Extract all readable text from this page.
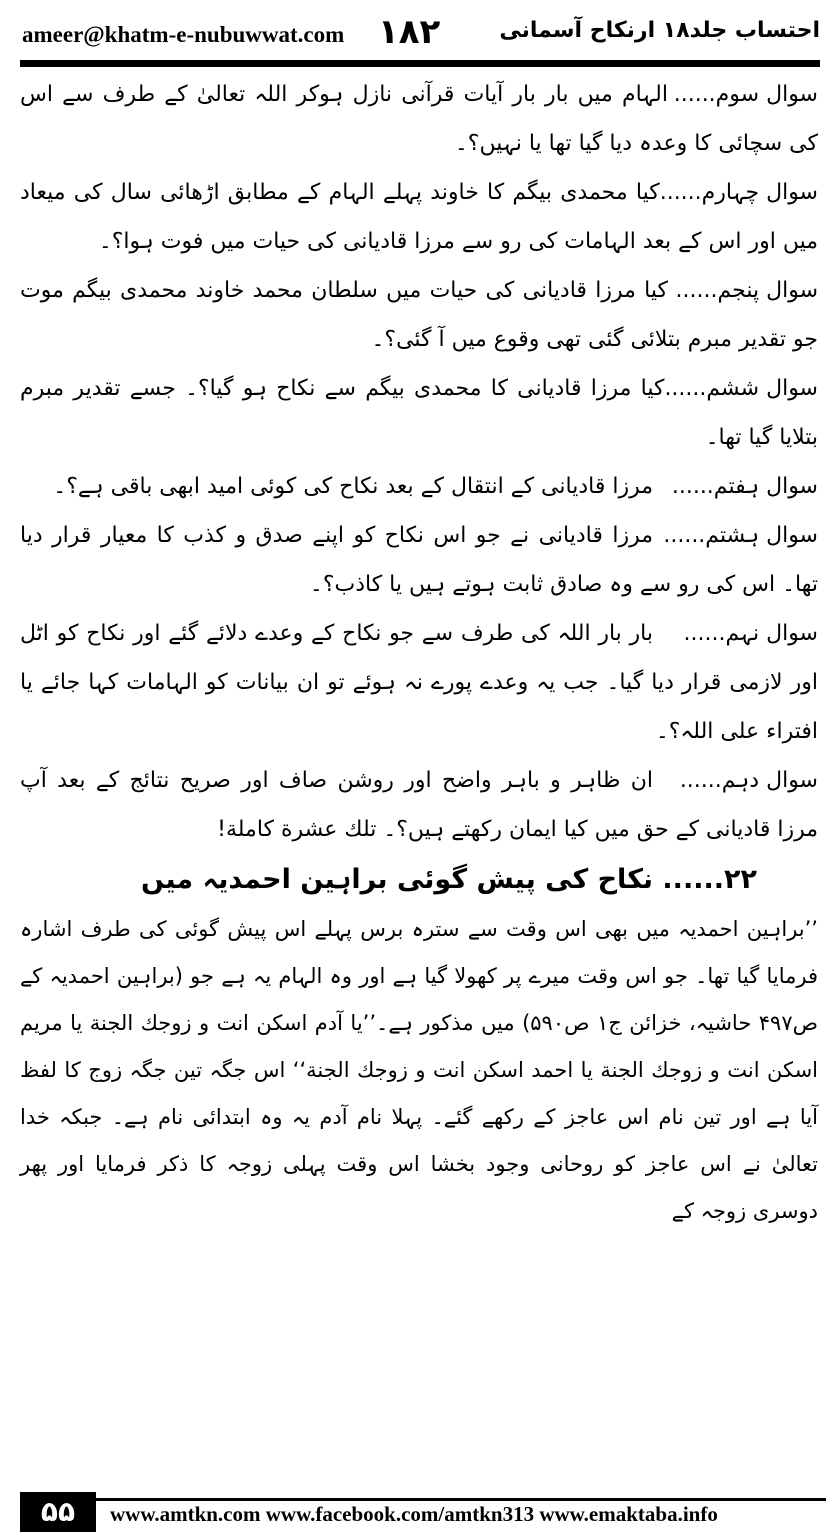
ameer@khatm-e-nubuwwat.com ۱۸۲	احتساب جلد۱۸ ارنکاح آسمانی

سوال سوم......الہام میں بار بار آیات قرآنی نازل ہوکر اللہ تعالیٰ کے طرف سے اس کی سچائی کا وعدہ دیا گیا تھا یا نہیں؟۔

سوال چہارم......کیا محمدی بیگم کا خاوند پہلے الہام کے مطابق اڑھائی سال کی میعاد میں اور اس کے بعد الہامات کی رو سے مرزا قادیانی کی حیات میں فوت ہوا؟۔

سوال پنجم......کیا مرزا قادیانی کی حیات میں سلطان محمد خاوند محمدی بیگم موت جو تقدیر مبرم بتلائی گئی تھی وقوع میں آ گئی؟۔

سوال ششم......کیا مرزا قادیانی کا محمدی بیگم سے نکاح ہو گیا؟۔ جسے تقدیر مبرم بتلایا گیا تھا۔

سوال ہفتم......مرزا قادیانی کے انتقال کے بعد نکاح کی کوئی امید ابھی باقی ہے؟۔

سوال ہشتم......مرزا قادیانی نے جو اس نکاح کو اپنے صدق و کذب کا معیار قرار دیا تھا۔ اس کی رو سے وہ صادق ثابت ہوتے ہیں یا کاذب؟۔

سوال نہم......بار بار اللہ کی طرف سے جو نکاح کے وعدے دلائے گئے اور نکاح کو اٹل اور لازمی قرار دیا گیا۔ جب یہ وعدے پورے نہ ہوئے تو ان بیانات کو الہامات کہا جائے یا افتراء علی اللہ؟۔

سوال دہم......ان ظاہر و باہر واضح اور روشن صاف اور صریح نتائج کے بعد آپ مرزا قادیانی کے حق میں کیا ایمان رکھتے ہیں؟۔ تلك عشرة كاملة!

۲۲...... نکاح کی پیش گوئی براہین احمدیہ میں

’’براہین احمدیہ میں بھی اس وقت سے سترہ برس پہلے اس پیش گوئی کی طرف اشارہ فرمایا گیا تھا۔ جو اس وقت میرے پر کھولا گیا ہے اور وہ الہام یہ ہے جو (براہین احمدیہ کے ص۴۹۷ حاشیہ، خزائن ج۱ ص۵۹۰) میں مذکور ہے۔’’یا آدم اسکن انت و زوجك الجنة یا مریم اسکن انت و زوجك الجنة یا احمد اسکن انت و زوجك الجنة‘‘ اس جگہ تین جگہ زوج کا لفظ آیا ہے اور تین نام اس عاجز کے رکھے گئے۔ پہلا نام آدم یہ وہ ابتدائی نام ہے۔ جبکہ خدا تعالیٰ نے اس عاجز کو روحانی وجود بخشا اس وقت پہلی زوجہ کا ذکر فرمایا اور پھر دوسری زوجہ کے

۵۵	www.amtkn.com www.facebook.com/amtkn313 www.emaktaba.info
